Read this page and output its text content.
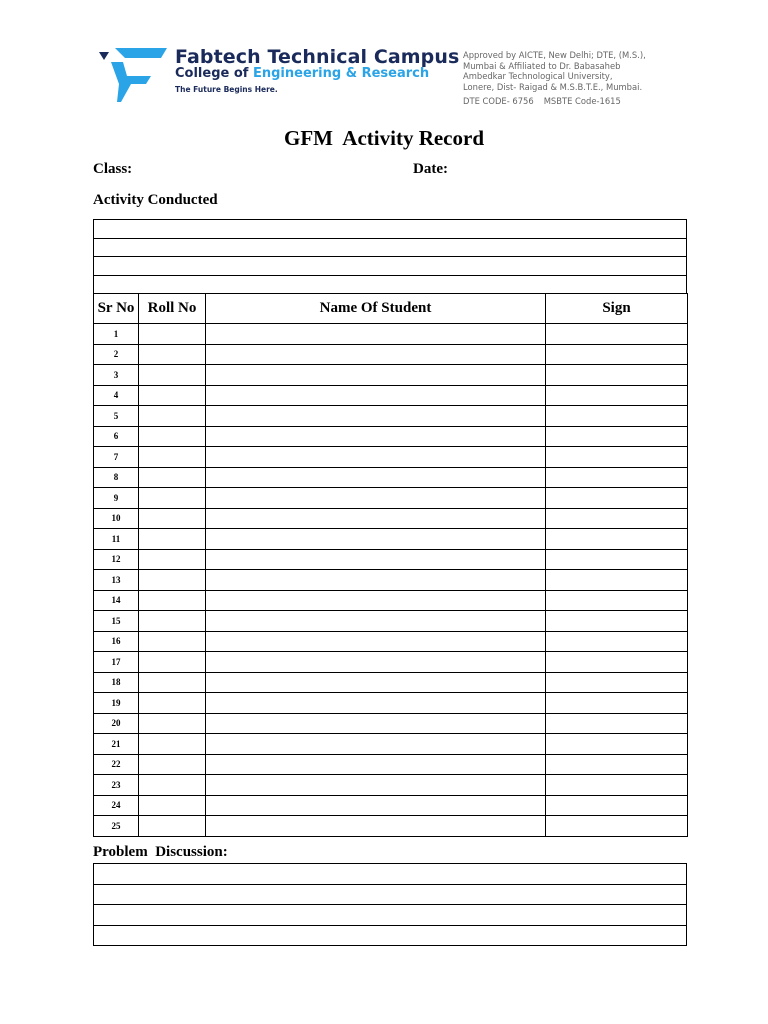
Fabtech Technical Campus
College of Engineering & Research
The Future Begins Here.
Approved by AICTE, New Delhi; DTE, (M.S.),
Mumbai & Affiliated to Dr. Babasaheb
Ambedkar Technological University,
Lonere, Dist- Raigad & M.S.B.T.E., Mumbai.
DTE CODE- 6756 MSBTE Code-1615
GFM  Activity Record
Class:	Date:
Activity Conducted

Sr No	Roll No	Name Of Student	Sign
1			
2			
3			
4			
5			
6			
7			
8			
9			
10			
11			
12			
13			
14			
15			
16			
17			
18			
19			
20			
21			
22			
23			
24			
25			
Problem  Discussion:
